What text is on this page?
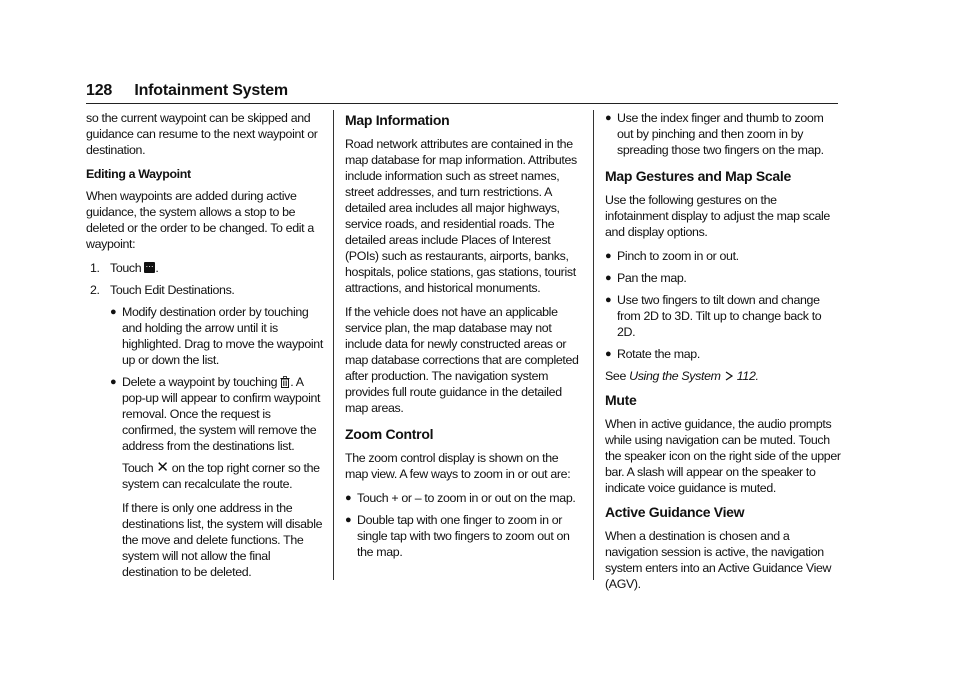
128 Infotainment System

so the current waypoint can be skipped and guidance can resume to the next waypoint or destination.

Editing a Waypoint

When waypoints are added during active guidance, the system allows a stop to be deleted or the order to be changed. To edit a waypoint:

1. Touch ··· .
2. Touch Edit Destinations.
● Modify destination order by touching and holding the arrow until it is highlighted. Drag to move the waypoint up or down the list.
● Delete a waypoint by touching . A pop-up will appear to confirm waypoint removal. Once the request is confirmed, the system will remove the address from the destinations list.

Touch ✕ on the top right corner so the system can recalculate the route.

If there is only one address in the destinations list, the system will disable the move and delete functions. The system will not allow the final destination to be deleted.

Map Information

Road network attributes are contained in the map database for map information. Attributes include information such as street names, street addresses, and turn restrictions. A detailed area includes all major highways, service roads, and residential roads. The detailed areas include Places of Interest (POIs) such as restaurants, airports, banks, hospitals, police stations, gas stations, tourist attractions, and historical monuments.

If the vehicle does not have an applicable service plan, the map database may not include data for newly constructed areas or map database corrections that are completed after production. The navigation system provides full route guidance in the detailed map areas.

Zoom Control

The zoom control display is shown on the map view. A few ways to zoom in or out are:

● Touch + or – to zoom in or out on the map.
● Double tap with one finger to zoom in or single tap with two fingers to zoom out on the map.
● Use the index finger and thumb to zoom out by pinching and then zoom in by spreading those two fingers on the map.
Map Gestures and Map Scale

Use the following gestures on the infotainment display to adjust the map scale and display options.

● Pinch to zoom in or out.
● Pan the map.
● Use two fingers to tilt down and change from 2D to 3D. Tilt up to change back to 2D.
● Rotate the map.

See Using the System 112.

Mute

When in active guidance, the audio prompts while using navigation can be muted. Touch the speaker icon on the right side of the upper bar. A slash will appear on the speaker to indicate voice guidance is muted.

Active Guidance View

When a destination is chosen and a navigation session is active, the navigation system enters into an Active Guidance View (AGV).
